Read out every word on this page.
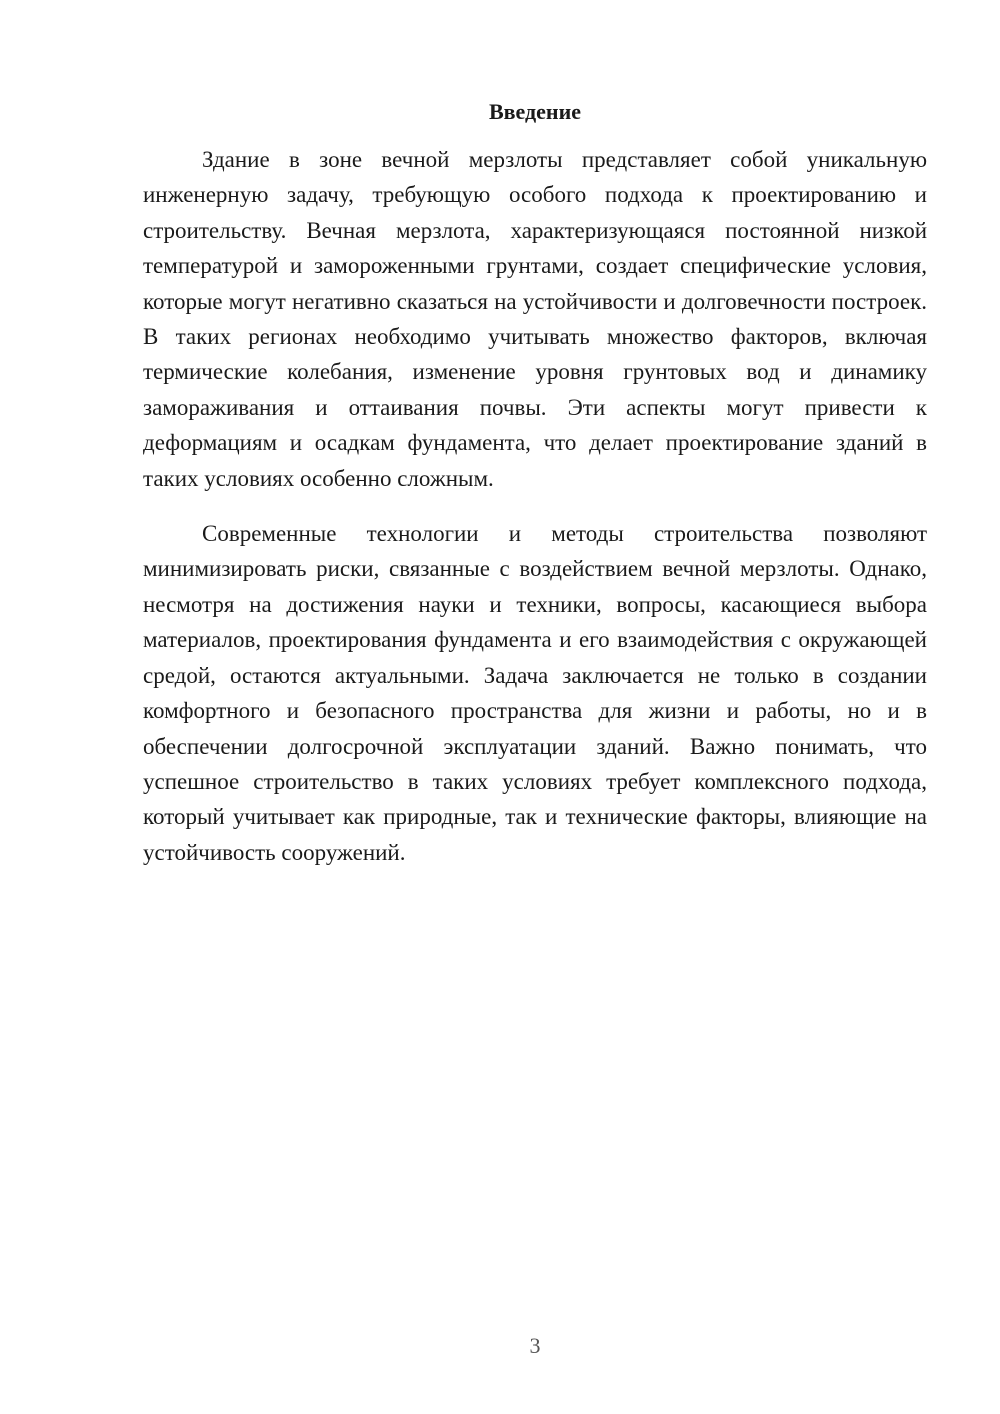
Введение

Здание в зоне вечной мерзлоты представляет собой уникальную инженерную задачу, требующую особого подхода к проектированию и строительству. Вечная мерзлота, характеризующаяся постоянной низкой температурой и замороженными грунтами, создает специфические условия, которые могут негативно сказаться на устойчивости и долговечности построек. В таких регионах необходимо учитывать множество факторов, включая термические колебания, изменение уровня грунтовых вод и динамику замораживания и оттаивания почвы. Эти аспекты могут привести к деформациям и осадкам фундамента, что делает проектирование зданий в таких условиях особенно сложным.

Современные технологии и методы строительства позволяют минимизировать риски, связанные с воздействием вечной мерзлоты. Однако, несмотря на достижения науки и техники, вопросы, касающиеся выбора материалов, проектирования фундамента и его взаимодействия с окружающей средой, остаются актуальными. Задача заключается не только в создании комфортного и безопасного пространства для жизни и работы, но и в обеспечении долгосрочной эксплуатации зданий. Важно понимать, что успешное строительство в таких условиях требует комплексного подхода, который учитывает как природные, так и технические факторы, влияющие на устойчивость сооружений.

3
